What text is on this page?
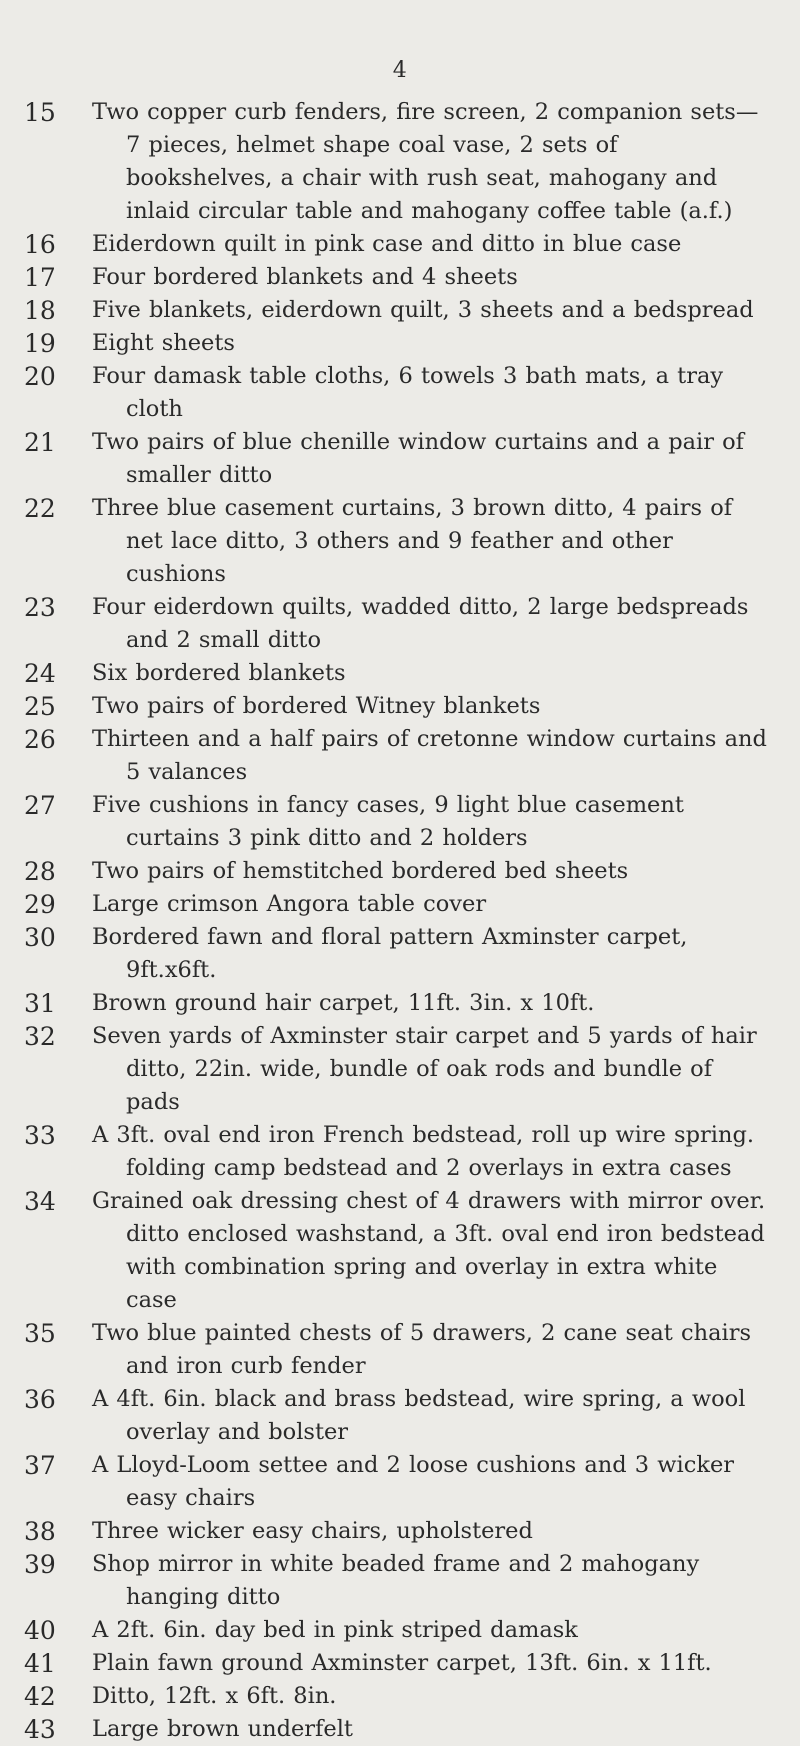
4
15	Two copper curb fenders, fire screen, 2 companion sets—7 pieces, helmet shape coal vase, 2 sets of bookshelves, a chair with rush seat, mahogany and inlaid circular table and mahogany coffee table (a.f.)
16	Eiderdown quilt in pink case and ditto in blue case
17	Four bordered blankets and 4 sheets
18	Five blankets, eiderdown quilt, 3 sheets and a bedspread
19	Eight sheets
20	Four damask table cloths, 6 towels 3 bath mats, a tray cloth
21	Two pairs of blue chenille window curtains and a pair of smaller ditto
22	Three blue casement curtains, 3 brown ditto, 4 pairs of net lace ditto, 3 others and 9 feather and other cushions
23	Four eiderdown quilts, wadded ditto, 2 large bedspreads and 2 small ditto
24	Six bordered blankets
25	Two pairs of bordered Witney blankets
26	Thirteen and a half pairs of cretonne window curtains and 5 valances
27	Five cushions in fancy cases, 9 light blue casement curtains 3 pink ditto and 2 holders
28	Two pairs of hemstitched bordered bed sheets
29	Large crimson Angora table cover
30	Bordered fawn and floral pattern Axminster carpet, 9ft.x6ft.
31	Brown ground hair carpet, 11ft. 3in. x 10ft.
32	Seven yards of Axminster stair carpet and 5 yards of hair ditto, 22in. wide, bundle of oak rods and bundle of pads
33	A 3ft. oval end iron French bedstead, roll up wire spring. folding camp bedstead and 2 overlays in extra cases
34	Grained oak dressing chest of 4 drawers with mirror over. ditto enclosed washstand, a 3ft. oval end iron bedstead with combination spring and overlay in extra white case
35	Two blue painted chests of 5 drawers, 2 cane seat chairs and iron curb fender
36	A 4ft. 6in. black and brass bedstead, wire spring, a wool overlay and bolster
37	A Lloyd-Loom settee and 2 loose cushions and 3 wicker easy chairs
38	Three wicker easy chairs, upholstered
39	Shop mirror in white beaded frame and 2 mahogany hanging ditto
40	A 2ft. 6in. day bed in pink striped damask
41	Plain fawn ground Axminster carpet, 13ft. 6in. x 11ft.
42	Ditto, 12ft. x 6ft. 8in.
43	Large brown underfelt
